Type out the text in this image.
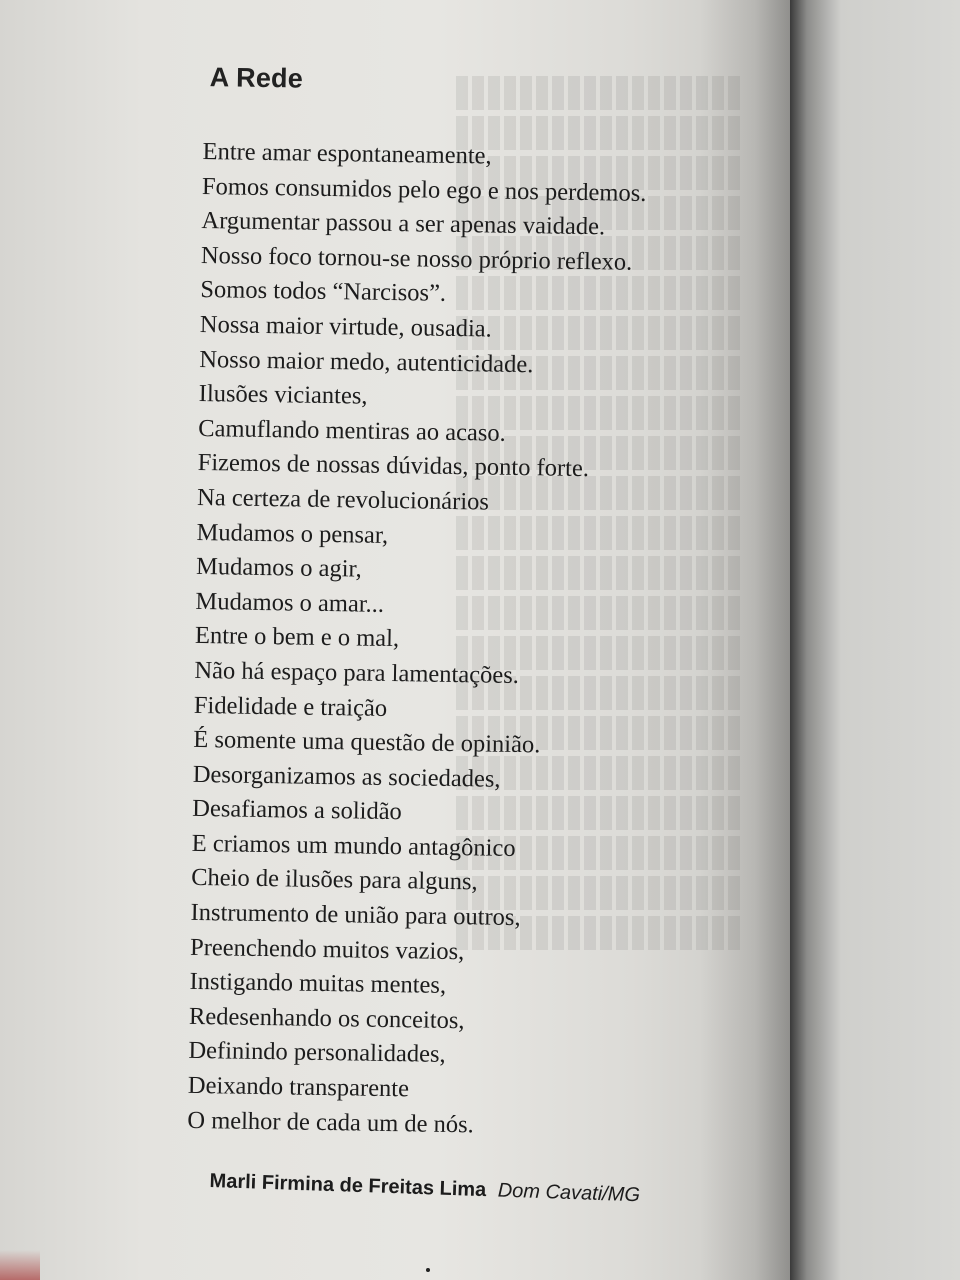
A Rede
Entre amar espontaneamente,
Fomos consumidos pelo ego e nos perdemos.
Argumentar passou a ser apenas vaidade.
Nosso foco tornou-se nosso próprio reflexo.
Somos todos “Narcisos”.
Nossa maior virtude, ousadia.
Nosso maior medo, autenticidade.
Ilusões viciantes,
Camuflando mentiras ao acaso.
Fizemos de nossas dúvidas, ponto forte.
Na certeza de revolucionários
Mudamos o pensar,
Mudamos o agir,
Mudamos o amar...
Entre o bem e o mal,
Não há espaço para lamentações.
Fidelidade e traição
É somente uma questão de opinião.
Desorganizamos as sociedades,
Desafiamos a solidão
E criamos um mundo antagônico
Cheio de ilusões para alguns,
Instrumento de união para outros,
Preenchendo muitos vazios,
Instigando muitas mentes,
Redesenhando os conceitos,
Definindo personalidades,
Deixando transparente
O melhor de cada um de nós.
Marli Firmina de Freitas Lima Dom Cavati/MG
